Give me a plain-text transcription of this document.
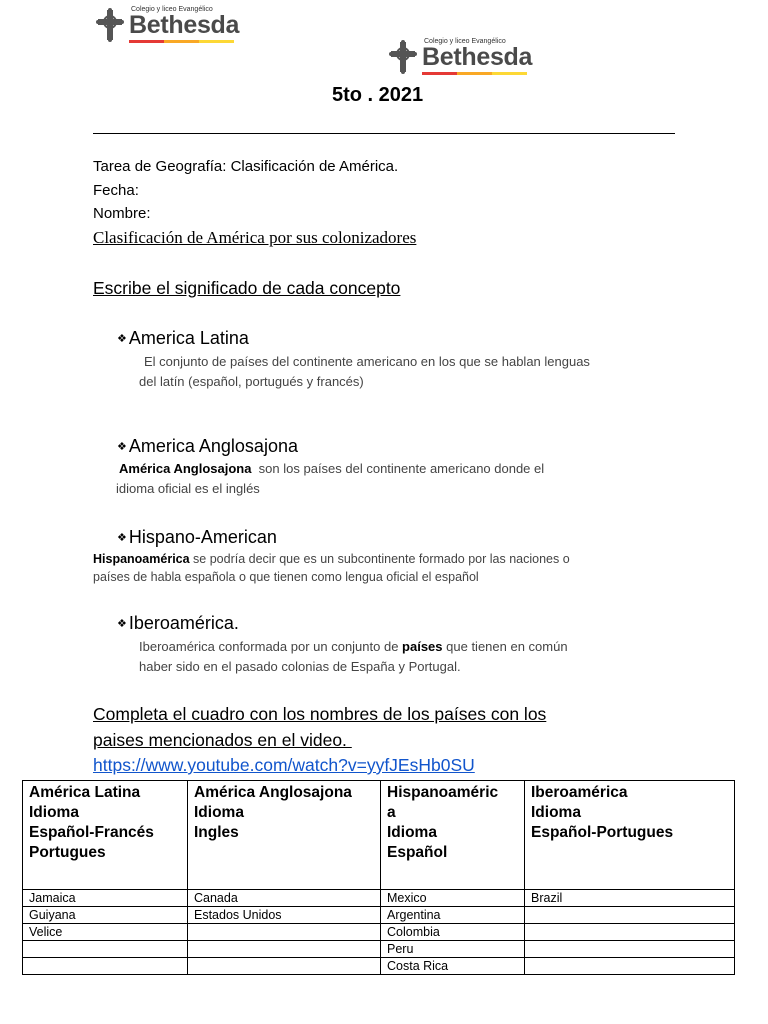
Colegio y liceo Evangélico
Bethesda
Colegio y liceo Evangélico
Bethesda
5to . 2021
Tarea de Geografía: Clasificación de América.
Fecha:
Nombre:
Clasificación de América por sus colonizadores
Escribe el significado de cada concepto
❖ America Latina
El conjunto de países del continente americano en los que se hablan lenguas
del latín (español, portugués y francés)
❖ America Anglosajona
América Anglosajona  son los países del continente americano donde el
idioma oficial es el inglés
❖ Hispano-American
Hispanoamérica se podría decir que es un subcontinente formado por las naciones o
países de habla española o que tienen como lengua oficial el español
❖ Iberoamérica.
Iberoamérica conformada por un conjunto de países que tienen en común
haber sido en el pasado colonias de España y Portugal.
Completa el cuadro con los nombres de los países con los
paises mencionados en el video.
https://www.youtube.com/watch?v=yyfJEsHb0SU
América Latina
Idioma
Español-Francés
Portugues	América Anglosajona
Idioma
Ingles	Hispanoaméric
a
Idioma
Español	Iberoamérica
Idioma
Español-Portugues

Jamaica	Canada	Mexico	Brazil
Guiyana	Estados Unidos	Argentina	
Velice		Colombia	
		Peru	
		Costa Rica	
